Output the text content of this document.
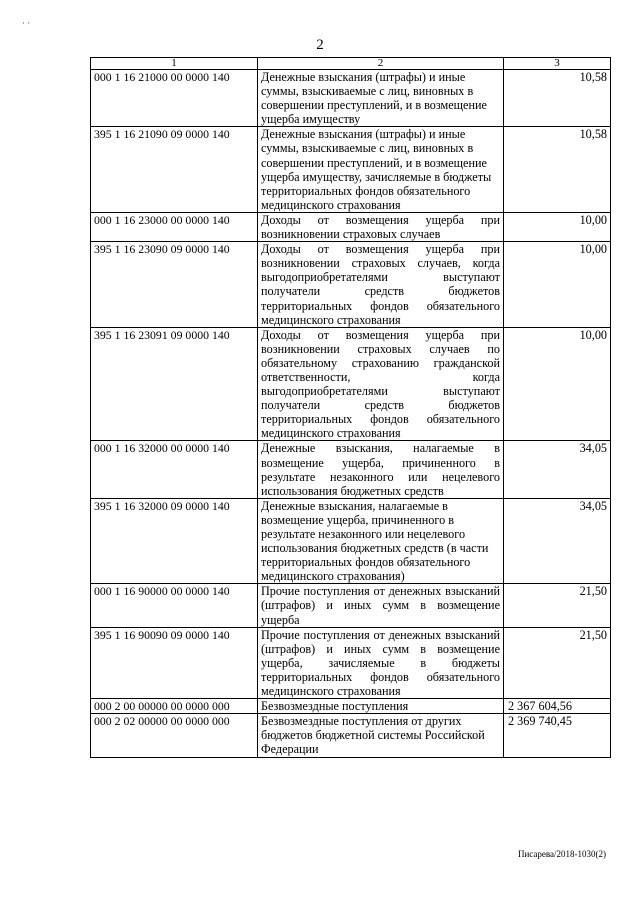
2
· ·
1	2	3
000 1 16 21000 00 0000 140	Денежные взыскания (штрафы) и иные суммы, взыскиваемые с лиц, виновных в совершении преступлений, и в возмещение ущерба имуществу	10,58
395 1 16 21090 09 0000 140	Денежные взыскания (штрафы) и иные суммы, взыскиваемые с лиц, виновных в совершении преступлений, и в возмещение ущерба имуществу, зачисляемые в бюджеты территориальных фондов обязательного медицинского страхования	10,58
000 1 16 23000 00 0000 140	Доходы от возмещения ущерба при возникновении страховых случаев	10,00
395 1 16 23090 09 0000 140	Доходы от возмещения ущерба при возникновении страховых случаев, когда выгодоприобретателями выступают получатели средств бюджетов территориальных фондов обязательного медицинского страхования	10,00
395 1 16 23091 09 0000 140	Доходы от возмещения ущерба при возникновении страховых случаев по обязательному страхованию гражданской ответственности, когда выгодоприобретателями выступают получатели средств бюджетов территориальных фондов обязательного медицинского страхования	10,00
000 1 16 32000 00 0000 140	Денежные взыскания, налагаемые в возмещение ущерба, причиненного в результате незаконного или нецелевого использования бюджетных средств	34,05
395 1 16 32000 09 0000 140	Денежные взыскания, налагаемые в возмещение ущерба, причиненного в результате незаконного или нецелевого использования бюджетных средств (в части территориальных фондов обязательного медицинского страхования)	34,05
000 1 16 90000 00 0000 140	Прочие поступления от денежных взысканий (штрафов) и иных сумм в возмещение ущерба	21,50
395 1 16 90090 09 0000 140	Прочие поступления от денежных взысканий (штрафов) и иных сумм в возмещение ущерба, зачисляемые в бюджеты территориальных фондов обязательного медицинского страхования	21,50
000 2 00 00000 00 0000 000	Безвозмездные поступления	2 367 604,56
000 2 02 00000 00 0000 000	Безвозмездные поступления от других бюджетов бюджетной системы Российской Федерации	2 369 740,45
Писарева/2018-1030(2)
